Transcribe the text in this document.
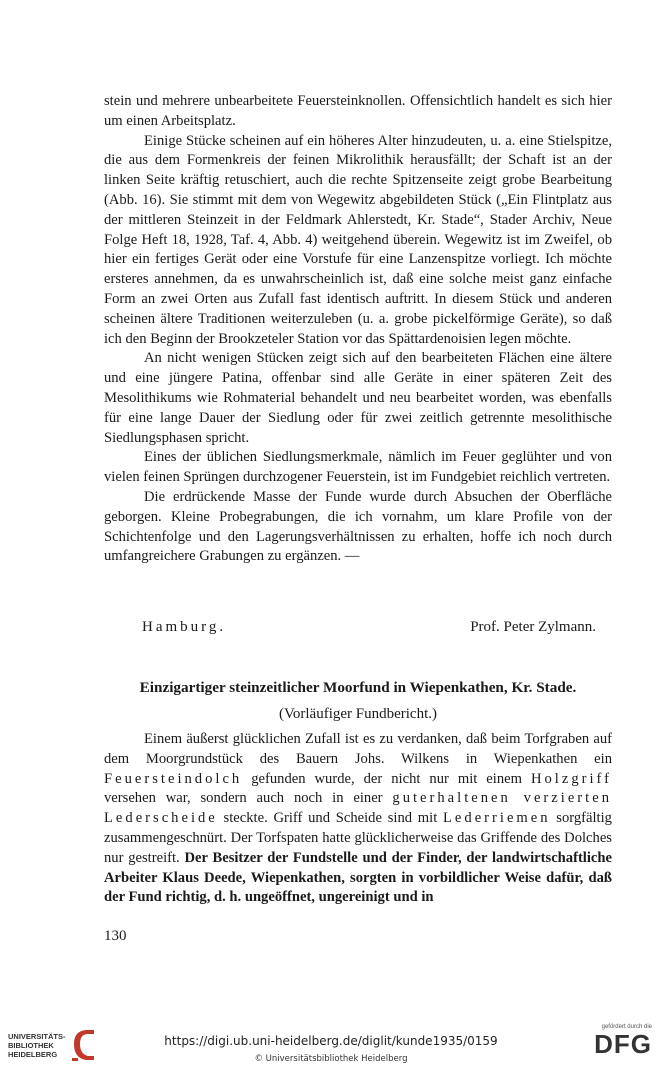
stein und mehrere unbearbeitete Feuersteinknollen. Offensichtlich handelt es sich hier um einen Arbeitsplatz.

Einige Stücke scheinen auf ein höheres Alter hinzudeuten, u. a. eine Stielspitze, die aus dem Formenkreis der feinen Mikrolithik herausfällt; der Schaft ist an der linken Seite kräftig retuschiert, auch die rechte Spitzenseite zeigt grobe Bearbeitung (Abb. 16). Sie stimmt mit dem von Wegewitz abgebildeten Stück („Ein Flintplatz aus der mittleren Steinzeit in der Feldmark Ahlerstedt, Kr. Stade“, Stader Archiv, Neue Folge Heft 18, 1928, Taf. 4, Abb. 4) weitgehend überein. Wegewitz ist im Zweifel, ob hier ein fertiges Gerät oder eine Vorstufe für eine Lanzenspitze vorliegt. Ich möchte ersteres annehmen, da es unwahrscheinlich ist, daß eine solche meist ganz einfache Form an zwei Orten aus Zufall fast identisch auftritt. In diesem Stück und anderen scheinen ältere Traditionen weiterzuleben (u. a. grobe pickelförmige Geräte), so daß ich den Beginn der Brookzeteler Station vor das Spättardenoisien legen möchte.

An nicht wenigen Stücken zeigt sich auf den bearbeiteten Flächen eine ältere und eine jüngere Patina, offenbar sind alle Geräte in einer späteren Zeit des Mesolithikums wie Rohmaterial behandelt und neu bearbeitet worden, was ebenfalls für eine lange Dauer der Siedlung oder für zwei zeitlich getrennte mesolithische Siedlungsphasen spricht.

Eines der üblichen Siedlungsmerkmale, nämlich im Feuer geglühter und von vielen feinen Sprüngen durchzogener Feuerstein, ist im Fundgebiet reichlich vertreten.

Die erdrückende Masse der Funde wurde durch Absuchen der Oberfläche geborgen. Kleine Probegrabungen, die ich vornahm, um klare Profile von der Schichtenfolge und den Lagerungsverhältnissen zu erhalten, hoffe ich noch durch umfangreichere Grabungen zu ergänzen. —

Hamburg.	Prof. Peter Zylmann.
Einzigartiger steinzeitlicher Moorfund in Wiepenkathen, Kr. Stade.
(Vorläufiger Fundbericht.)

Einem äußerst glücklichen Zufall ist es zu verdanken, daß beim Torfgraben auf dem Moorgrundstück des Bauern Johs. Wilkens in Wiepenkathen ein Feuersteindolch gefunden wurde, der nicht nur mit einem Holzgriff versehen war, sondern auch noch in einer guterhaltenen verzierten Lederscheide steckte. Griff und Scheide sind mit Lederriemen sorgfältig zusammengeschnürt. Der Torfspaten hatte glücklicherweise das Griffende des Dolches nur gestreift. Der Besitzer der Fundstelle und der Finder, der landwirtschaftliche Arbeiter Klaus Deede, Wiepenkathen, sorgten in vorbildlicher Weise dafür, daß der Fund richtig, d. h. ungeöffnet, ungereinigt und in

130
UNIVERSITÄTS-
BIBLIOTHEK
HEIDELBERG
https://digi.ub.uni-heidelberg.de/diglit/kunde1935/0159
© Universitätsbibliothek Heidelberg
gefördert durch die
DFG
